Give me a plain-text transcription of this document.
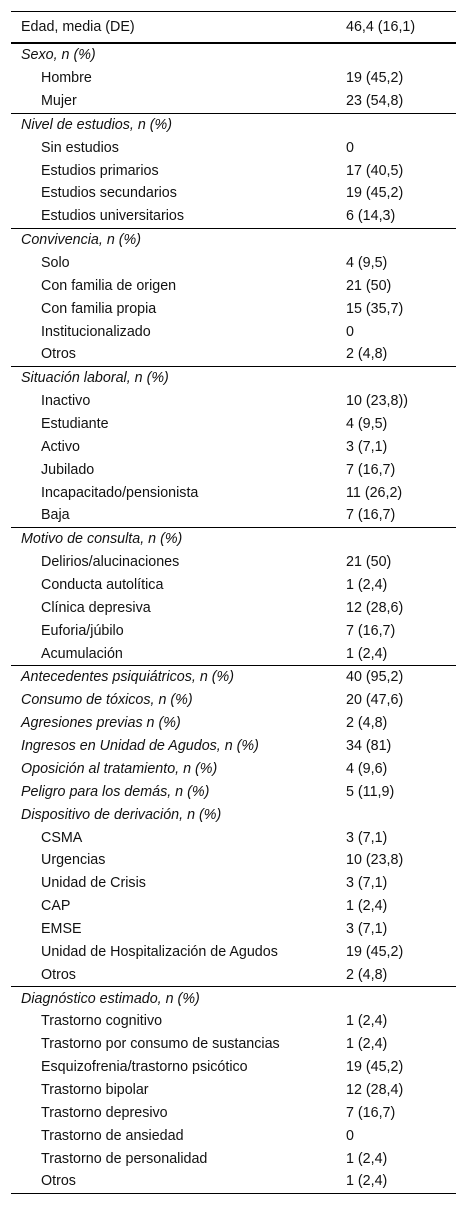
Edad, media (DE)	46,4 (16,1)
Sexo, n (%)	
Hombre	19 (45,2)
Mujer	23 (54,8)
Nivel de estudios, n (%)	
Sin estudios	0
Estudios primarios	17 (40,5)
Estudios secundarios	19 (45,2)
Estudios universitarios	6 (14,3)
Convivencia, n (%)	
Solo	4 (9,5)
Con familia de origen	21 (50)
Con familia propia	15 (35,7)
Institucionalizado	0
Otros	2 (4,8)
Situación laboral, n (%)	
Inactivo	10 (23,8))
Estudiante	4 (9,5)
Activo	3 (7,1)
Jubilado	7 (16,7)
Incapacitado/pensionista	11 (26,2)
Baja	7 (16,7)
Motivo de consulta, n (%)	
Delirios/alucinaciones	21 (50)
Conducta autolítica	1 (2,4)
Clínica depresiva	12 (28,6)
Euforia/júbilo	7 (16,7)
Acumulación	1 (2,4)
Antecedentes psiquiátricos, n (%)	40 (95,2)
Consumo de tóxicos, n (%)	20 (47,6)
Agresiones previas n (%)	2 (4,8)
Ingresos en Unidad de Agudos, n (%)	34 (81)
Oposición al tratamiento, n (%)	4 (9,6)
Peligro para los demás, n (%)	5 (11,9)
Dispositivo de derivación, n (%)	
CSMA	3 (7,1)
Urgencias	10 (23,8)
Unidad de Crisis	3 (7,1)
CAP	1 (2,4)
EMSE	3 (7,1)
Unidad de Hospitalización de Agudos	19 (45,2)
Otros	2 (4,8)
Diagnóstico estimado, n (%)	
Trastorno cognitivo	1 (2,4)
Trastorno por consumo de sustancias	1 (2,4)
Esquizofrenia/trastorno psicótico	19 (45,2)
Trastorno bipolar	12 (28,4)
Trastorno depresivo	7 (16,7)
Trastorno de ansiedad	0
Trastorno de personalidad	1 (2,4)
Otros	1 (2,4)
